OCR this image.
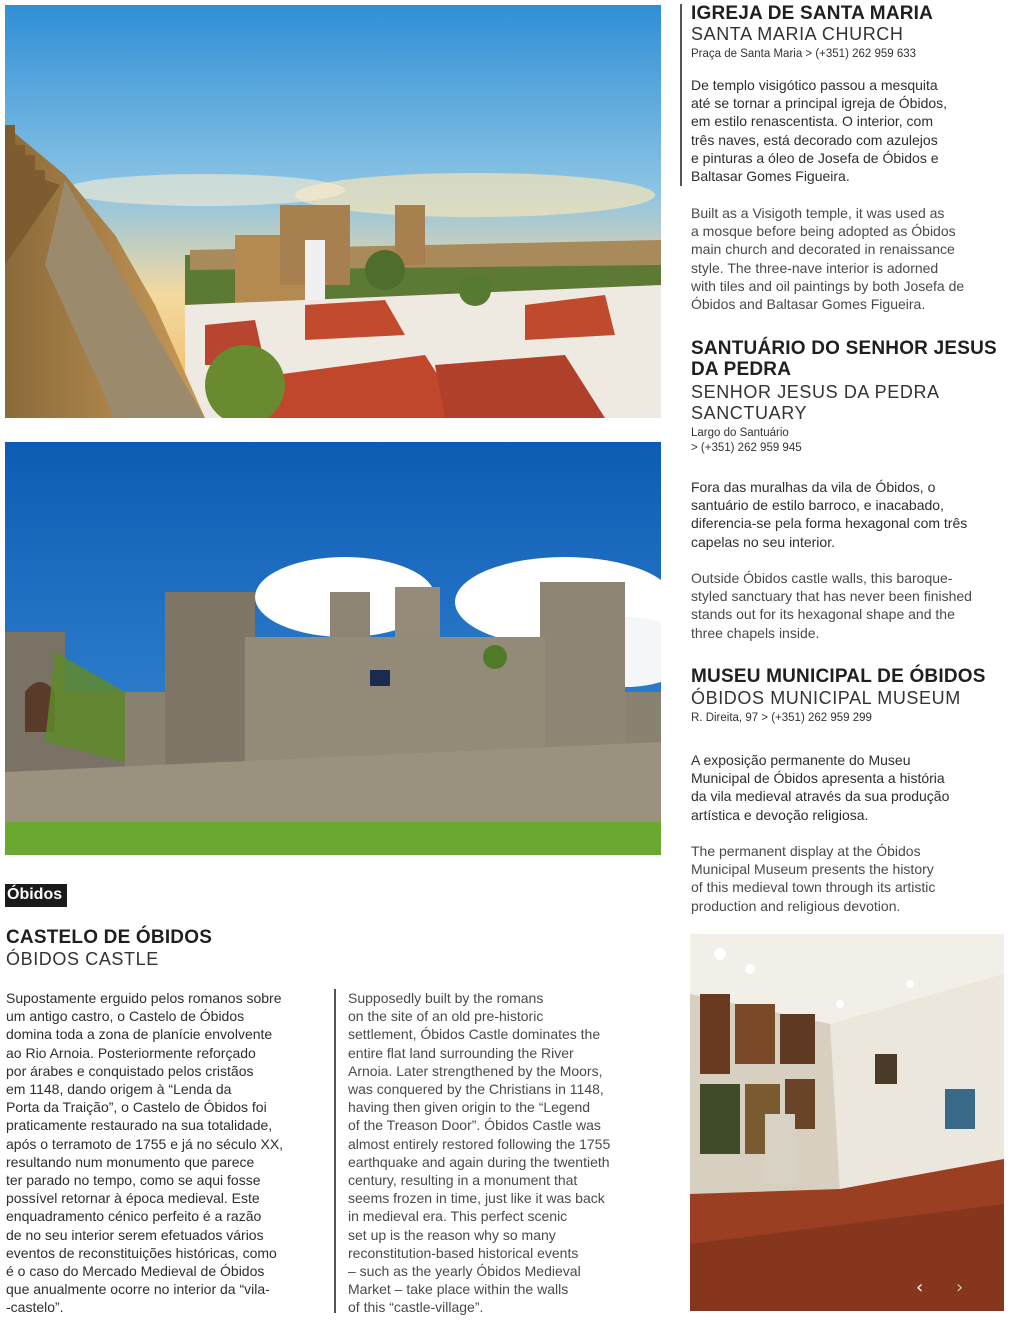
Óbidos
CASTELO DE ÓBIDOS
ÓBIDOS CASTLE
Supostamente erguido pelos romanos sobre
um antigo castro, o Castelo de Óbidos
domina toda a zona de planície envolvente
ao Rio Arnoia. Posteriormente reforçado
por árabes e conquistado pelos cristãos
em 1148, dando origem à “Lenda da
Porta da Traição”, o Castelo de Óbidos foi
praticamente restaurado na sua totalidade,
após o terramoto de 1755 e já no século XX,
resultando num monumento que parece
ter parado no tempo, como se aqui fosse
possível retornar à época medieval. Este
enquadramento cénico perfeito é a razão
de no seu interior serem efetuados vários
eventos de reconstituições históricas, como
é o caso do Mercado Medieval de Óbidos
que anualmente ocorre no interior da “vila-
-castelo”.
Supposedly built by the romans
on the site of an old pre-historic
settlement, Óbidos Castle dominates the
entire flat land surrounding the River
Arnoia. Later strengthened by the Moors,
was conquered by the Christians in 1148,
having then given origin to the “Legend
of the Treason Door”. Óbidos Castle was
almost entirely restored following the 1755
earthquake and again during the twentieth
century, resulting in a monument that
seems frozen in time, just like it was back
in medieval era. This perfect scenic
set up is the reason why so many
reconstitution-based historical events
– such as the yearly Óbidos Medieval
Market – take place within the walls
of this “castle-village”.
IGREJA DE SANTA MARIA
SANTA MARIA CHURCH
Praça de Santa Maria > (+351) 262 959 633
De templo visigótico passou a mesquita
até se tornar a principal igreja de Óbidos,
em estilo renascentista. O interior, com
três naves, está decorado com azulejos
e pinturas a óleo de Josefa de Óbidos e
Baltasar Gomes Figueira.
Built as a Visigoth temple, it was used as
a mosque before being adopted as Óbidos
main church and decorated in renaissance
style. The three-nave interior is adorned
with tiles and oil paintings by both Josefa de
Óbidos and Baltasar Gomes Figueira.
SANTUÁRIO DO SENHOR JESUS
DA PEDRA
SENHOR JESUS DA PEDRA
SANCTUARY
Largo do Santuário
> (+351) 262 959 945
Fora das muralhas da vila de Óbidos, o
santuário de estilo barroco, e inacabado,
diferencia-se pela forma hexagonal com três
capelas no seu interior.
Outside Óbidos castle walls, this baroque-
styled sanctuary that has never been finished
stands out for its hexagonal shape and the
three chapels inside.
MUSEU MUNICIPAL DE ÓBIDOS
ÓBIDOS MUNICIPAL MUSEUM
R. Direita, 97 > (+351) 262 959 299
A exposição permanente do Museu
Municipal de Óbidos apresenta a história
da vila medieval através da sua produção
artística e devoção religiosa.
The permanent display at the Óbidos
Municipal Museum presents the history
of this medieval town through its artistic
production and religious devotion.
‹ ›
